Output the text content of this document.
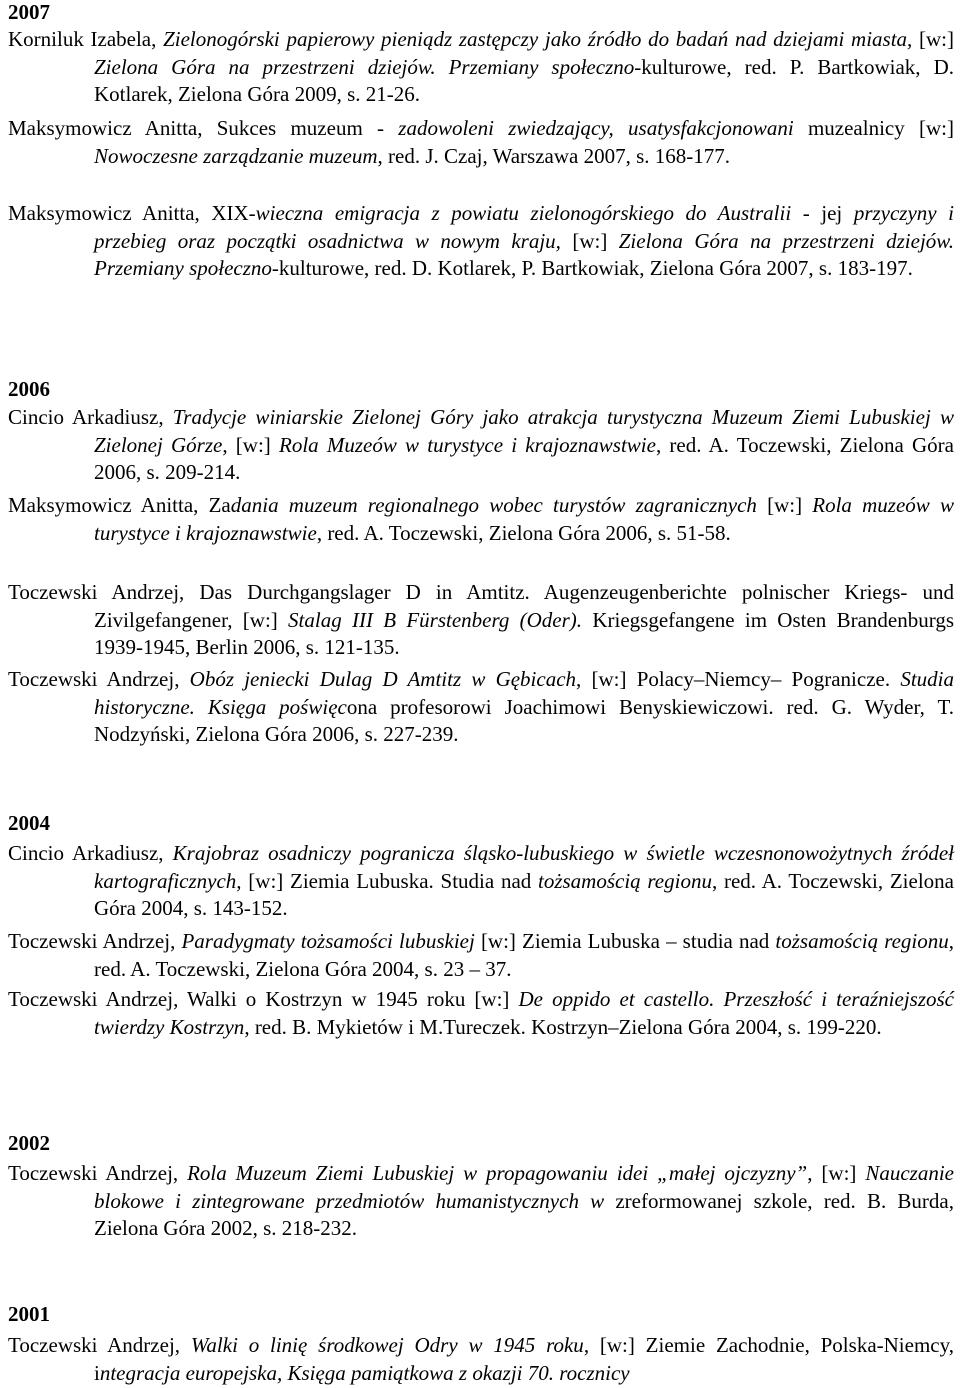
2007
Korniluk Izabela, Zielonogórski papierowy pieniądz zastępczy jako źródło do badań nad dziejami miasta, [w:] Zielona Góra na przestrzeni dziejów. Przemiany społeczno-kulturowe, red. P. Bartkowiak, D. Kotlarek, Zielona Góra 2009, s. 21-26.
Maksymowicz Anitta, Sukces muzeum - zadowoleni zwiedzający, usatysfakcjonowani muzealnicy [w:] Nowoczesne zarządzanie muzeum, red. J. Czaj, Warszawa 2007, s. 168-177.
Maksymowicz Anitta, XIX-wieczna emigracja z powiatu zielonogórskiego do Australii - jej przyczyny i przebieg oraz początki osadnictwa w nowym kraju, [w:] Zielona Góra na przestrzeni dziejów. Przemiany społeczno-kulturowe, red. D. Kotlarek, P. Bartkowiak, Zielona Góra 2007, s. 183-197.
2006
Cincio Arkadiusz, Tradycje winiarskie Zielonej Góry jako atrakcja turystyczna Muzeum Ziemi Lubuskiej w Zielonej Górze, [w:] Rola Muzeów w turystyce i krajoznawstwie, red. A. Toczewski, Zielona Góra 2006, s. 209-214.
Maksymowicz Anitta, Zadania muzeum regionalnego wobec turystów zagranicznych [w:] Rola muzeów w turystyce i krajoznawstwie, red. A. Toczewski, Zielona Góra 2006, s. 51-58.
Toczewski Andrzej, Das Durchgangslager D in Amtitz. Augenzeugenberichte polnischer Kriegs- und Zivilgefangener, [w:] Stalag III B Fürstenberg (Oder). Kriegsgefangene im Osten Brandenburgs 1939-1945, Berlin 2006, s. 121-135.
Toczewski Andrzej, Obóz jeniecki Dulag D Amtitz w Gębicach, [w:] Polacy–Niemcy– Pogranicze. Studia historyczne. Księga poświęcona profesorowi Joachimowi Benyskiewiczowi. red. G. Wyder, T. Nodzyński, Zielona Góra 2006, s. 227-239.
2004
Cincio Arkadiusz, Krajobraz osadniczy pogranicza śląsko-lubuskiego w świetle wczesnonowożytnych źródeł kartograficznych, [w:] Ziemia Lubuska. Studia nad tożsamością regionu, red. A. Toczewski, Zielona Góra 2004, s. 143-152.
Toczewski Andrzej, Paradygmaty tożsamości lubuskiej [w:] Ziemia Lubuska – studia nad tożsamością regionu, red. A. Toczewski, Zielona Góra 2004, s. 23 – 37.
Toczewski Andrzej, Walki o Kostrzyn w 1945 roku [w:] De oppido et castello. Przeszłość i teraźniejszość twierdzy Kostrzyn, red. B. Mykietów i M.Tureczek. Kostrzyn–Zielona Góra 2004, s. 199-220.
2002
Toczewski Andrzej, Rola Muzeum Ziemi Lubuskiej w propagowaniu idei „małej ojczyzny”, [w:] Nauczanie blokowe i zintegrowane przedmiotów humanistycznych w zreformowanej szkole, red. B. Burda, Zielona Góra 2002, s. 218-232.
2001
Toczewski Andrzej, Walki o linię środkowej Odry w 1945 roku, [w:] Ziemie Zachodnie, Polska-Niemcy, integracja europejska, Księga pamiątkowa z okazji 70. rocznicy
